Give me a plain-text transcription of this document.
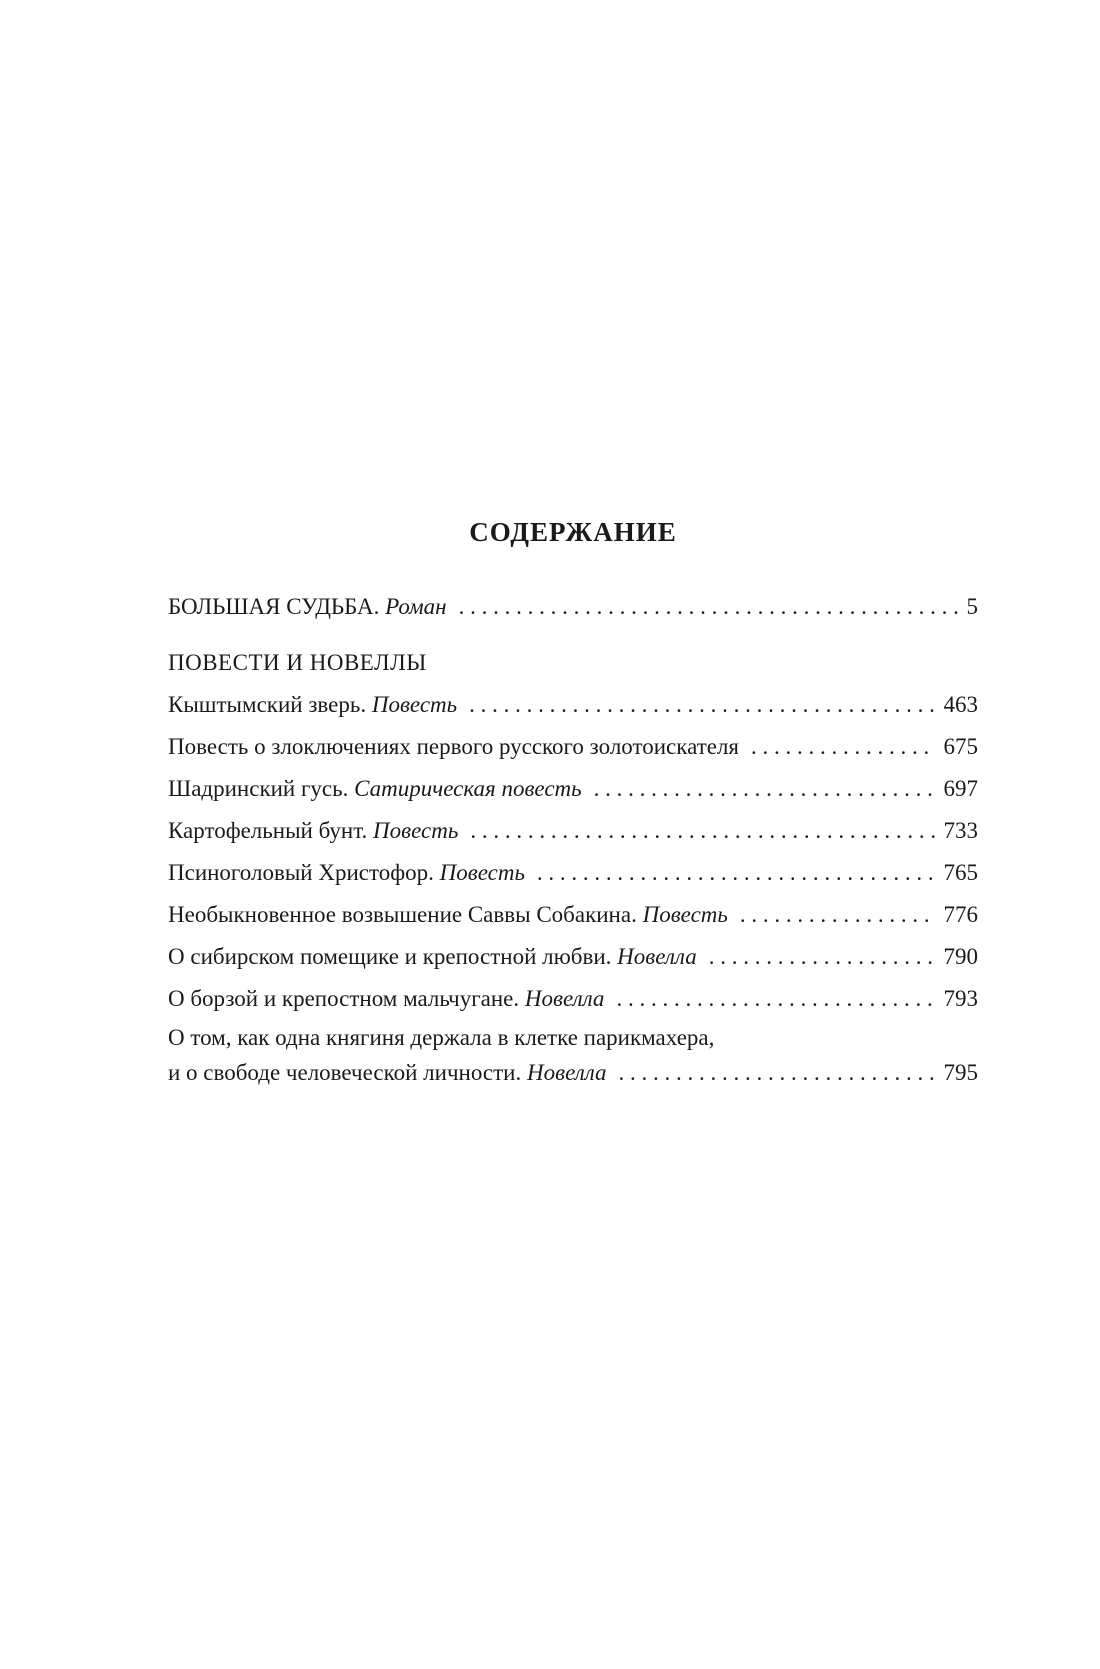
СОДЕРЖАНИЕ
БОЛЬШАЯ СУДЬБА. Роман . . .	5
ПОВЕСТИ И НОВЕЛЛЫ
Кыштымский зверь. Повесть . . .	463
Повесть о злоключениях первого русского золотоискателя . . .	675
Шадринский гусь. Сатирическая повесть . . .	697
Картофельный бунт. Повесть . . .	733
Псиноголовый Христофор. Повесть . . .	765
Необыкновенное возвышение Саввы Собакина. Повесть . . .	776
О сибирском помещике и крепостной любви. Новелла . . .	790
О борзой и крепостном мальчугане. Новелла . . .	793
О том, как одна княгиня держала в клетке парикмахера,
и о свободе человеческой личности. Новелла . . .	795
